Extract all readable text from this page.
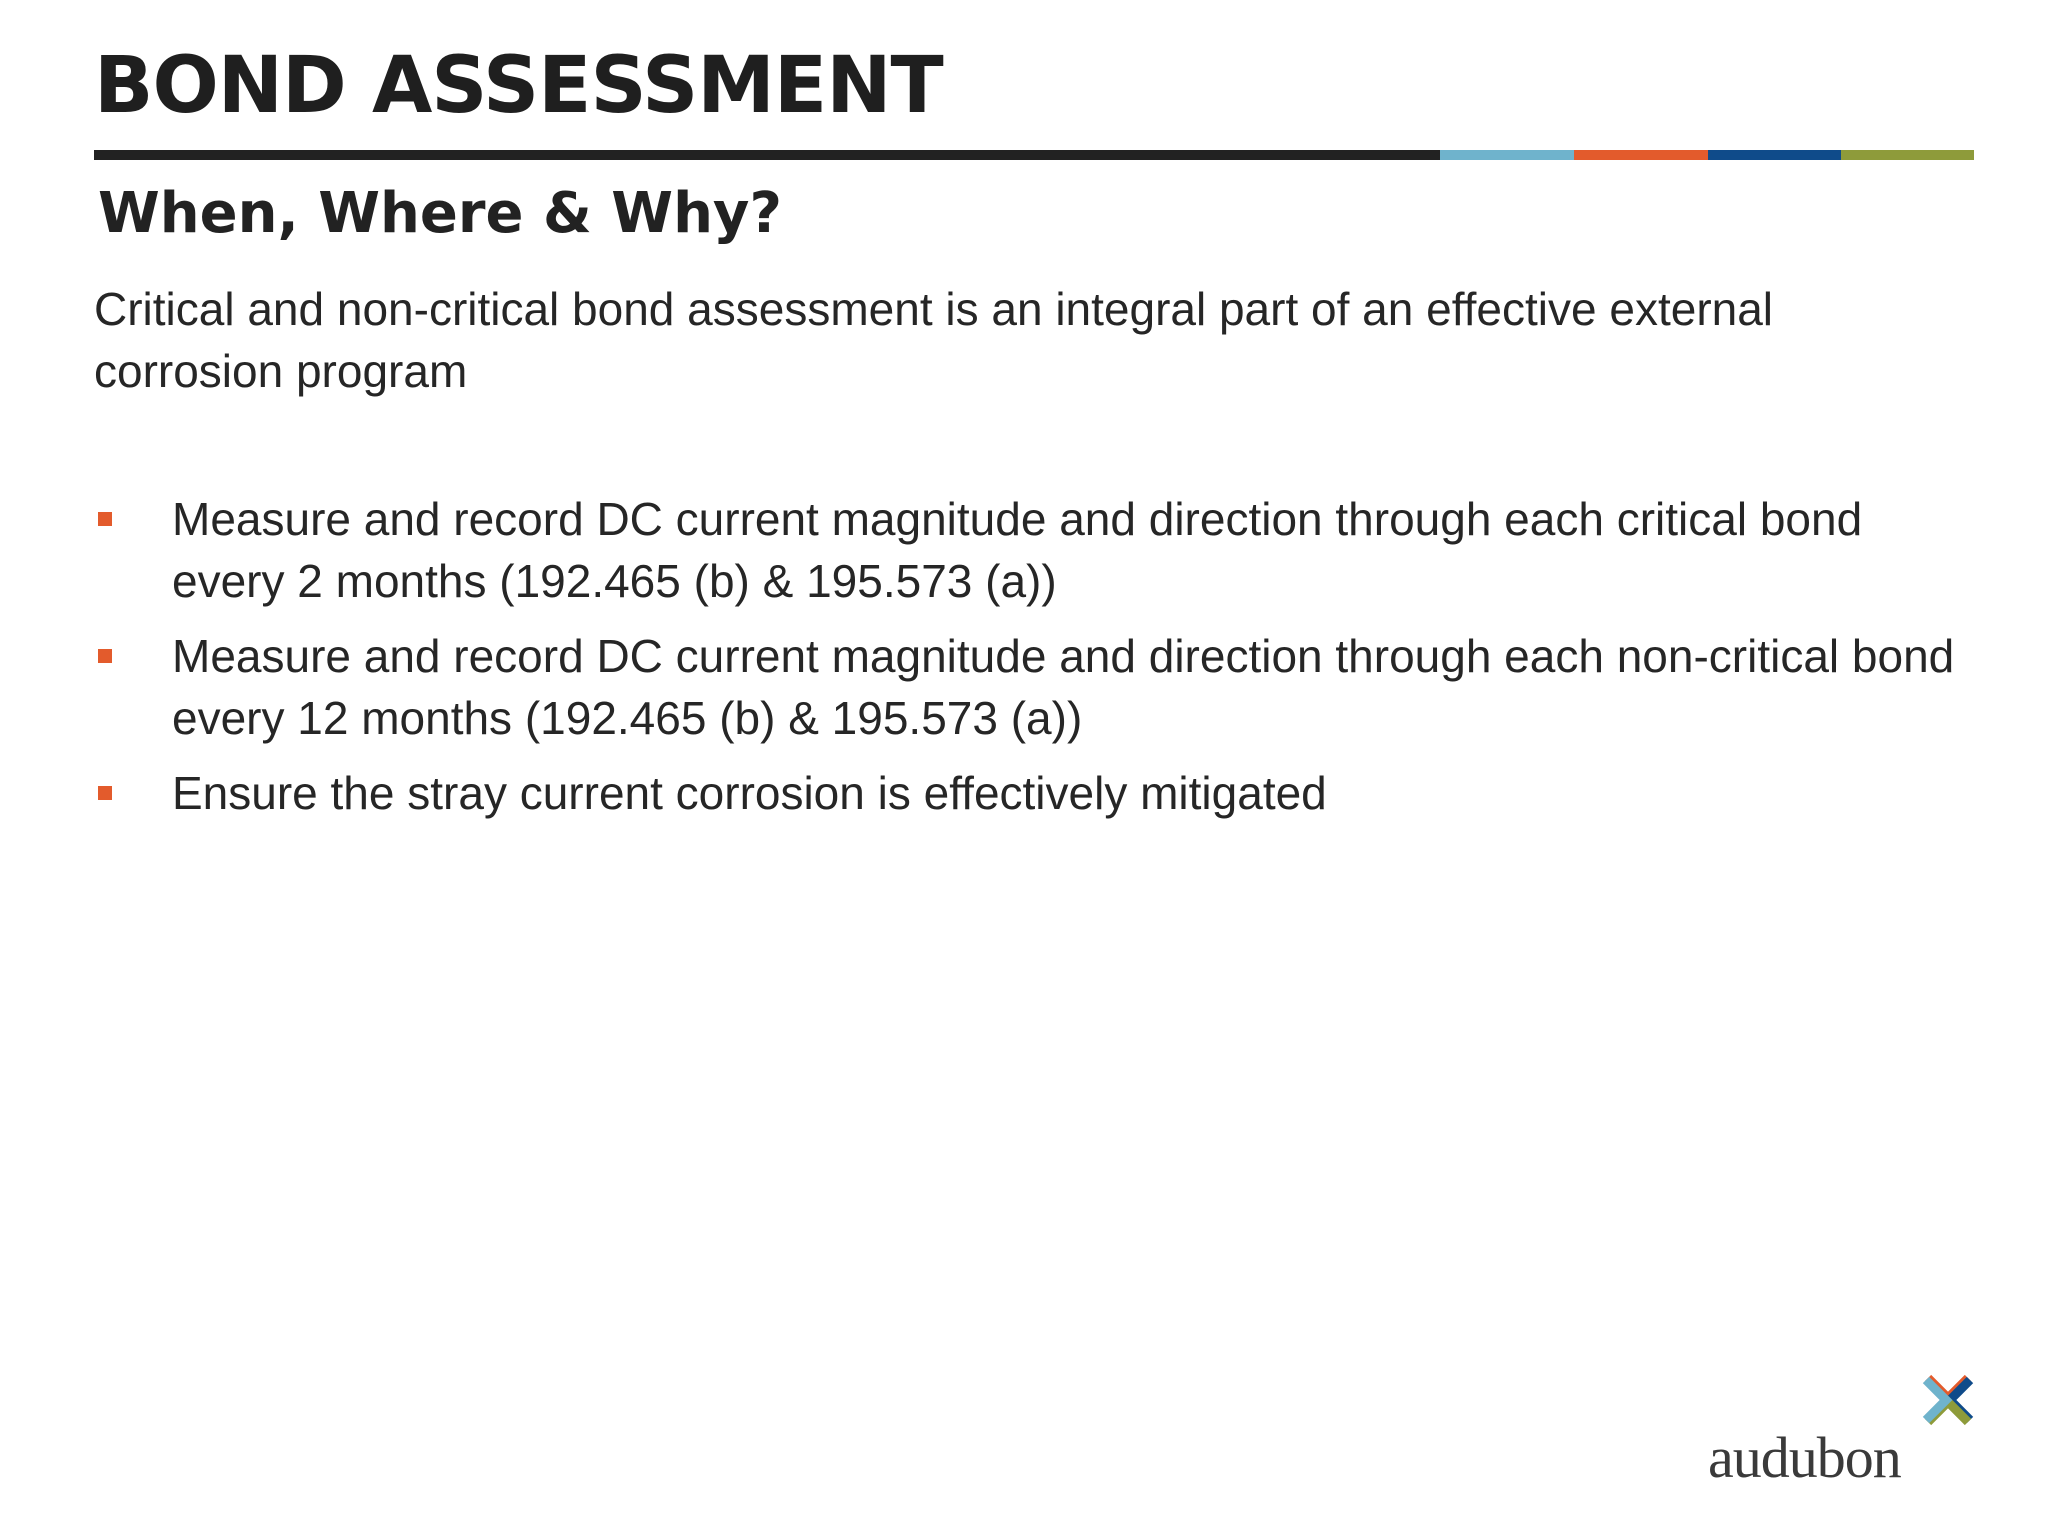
BOND ASSESSMENT
When, Where & Why?

Critical and non-critical bond assessment is an integral part of an effective external corrosion program

Measure and record DC current magnitude and direction through each critical bond every 2 months (192.465 (b) & 195.573 (a))
Measure and record DC current magnitude and direction through each non-critical bond every 12 months (192.465 (b) & 195.573 (a))
Ensure the stray current corrosion is effectively mitigated
audubon
